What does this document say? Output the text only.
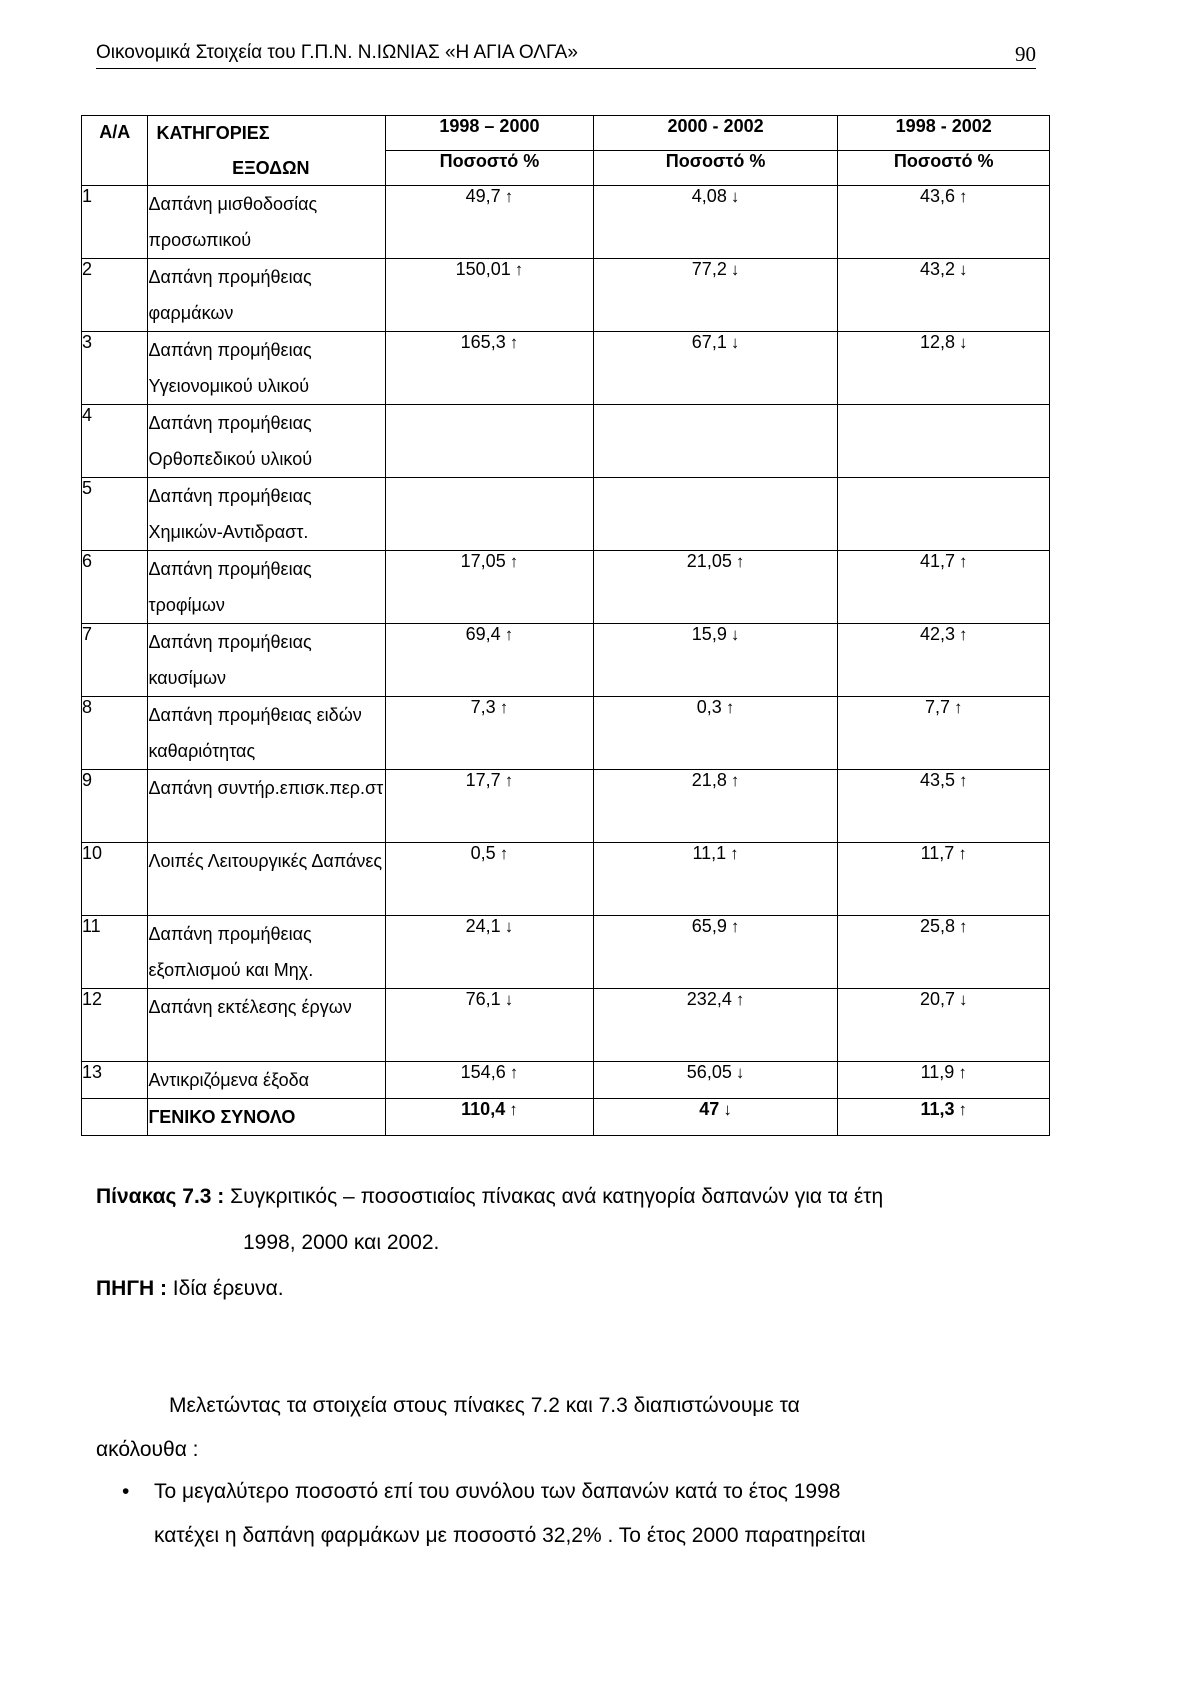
Οικονομικά Στοιχεία του Γ.Π.Ν. Ν.ΙΩΝΙΑΣ «Η ΑΓΙΑ ΟΛΓΑ»	90
Α/Α	ΚΑΤΗΓΟΡΙΕΣ	1998 – 2000	2000 - 2002	1998 - 2002
	ΕΞΟΔΩΝ	Ποσοστό %	Ποσοστό %	Ποσοστό %
1	Δαπάνη μισθοδοσίας προσωπικού	49,7 ↑	4,08 ↓	43,6 ↑
2	Δαπάνη προμήθειας φαρμάκων	150,01 ↑	77,2 ↓	43,2 ↓
3	Δαπάνη προμήθειας Υγειονομικού υλικού	165,3 ↑	67,1 ↓	12,8 ↓
4	Δαπάνη προμήθειας Ορθοπεδικού υλικού			
5	Δαπάνη προμήθειας Χημικών-Αντιδραστ.			
6	Δαπάνη προμήθειας τροφίμων	17,05 ↑	21,05 ↑	41,7 ↑
7	Δαπάνη προμήθειας καυσίμων	69,4 ↑	15,9 ↓	42,3 ↑
8	Δαπάνη προμήθειας ειδών καθαριότητας	7,3 ↑	0,3 ↑	7,7 ↑
9	Δαπάνη συντήρ.επισκ.περ.στ	17,7 ↑	21,8 ↑	43,5 ↑
10	Λοιπές Λειτουργικές Δαπάνες	0,5 ↑	11,1 ↑	11,7 ↑
11	Δαπάνη προμήθειας εξοπλισμού και Μηχ.	24,1 ↓	65,9 ↑	25,8 ↑
12	Δαπάνη εκτέλεσης έργων	76,1 ↓	232,4 ↑	20,7 ↓
13	Αντικριζόμενα έξοδα	154,6 ↑	56,05 ↓	11,9 ↑
	ΓΕΝΙΚΟ ΣΥΝΟΛΟ	110,4 ↑	47 ↓	11,3 ↑
Πίνακας 7.3 : Συγκριτικός – ποσοστιαίος πίνακας ανά κατηγορία δαπανών για τα έτη
1998, 2000 και 2002.
ΠΗΓΗ : Ιδία έρευνα.
Μελετώντας τα στοιχεία στους πίνακες 7.2 και 7.3 διαπιστώνουμε τα
ακόλουθα :
•	Το μεγαλύτερο ποσοστό επί του συνόλου των δαπανών κατά το έτος 1998
κατέχει η δαπάνη φαρμάκων με ποσοστό 32,2% . Το έτος 2000 παρατηρείται
